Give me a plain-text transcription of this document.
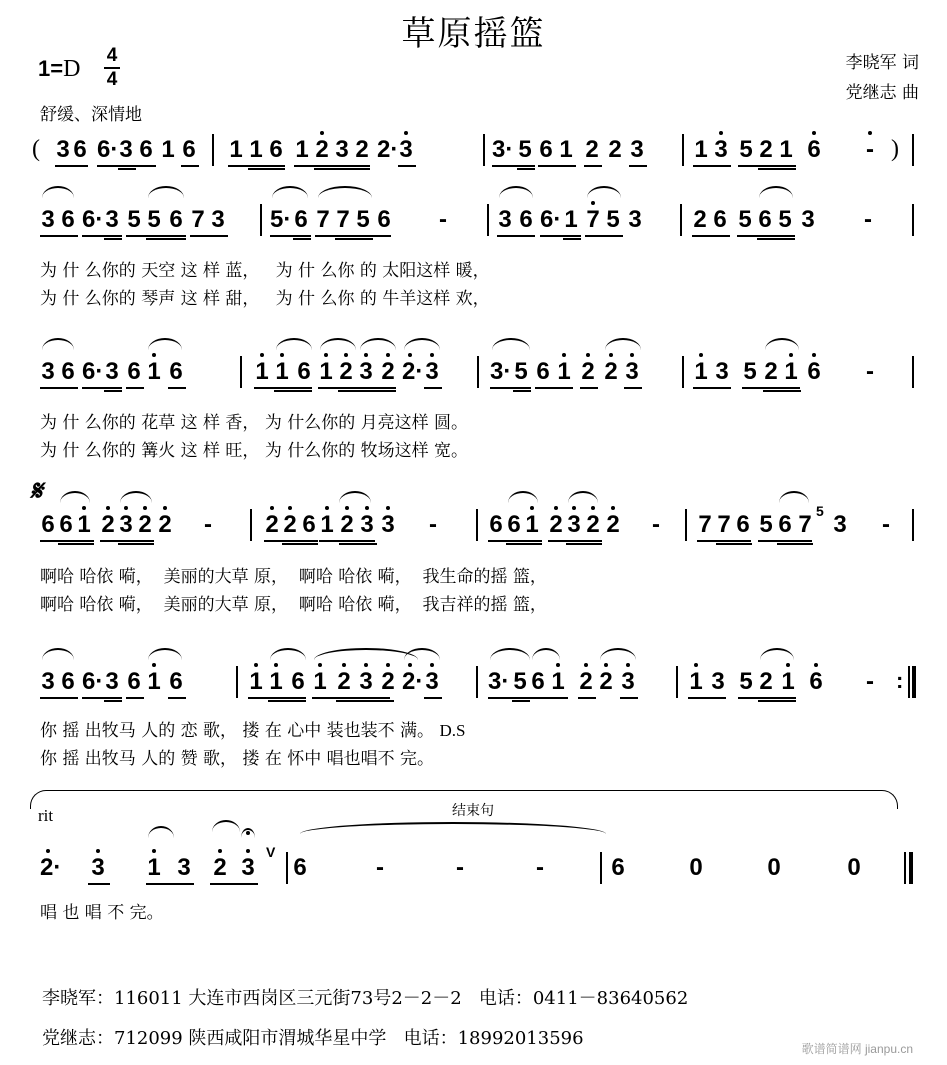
草原摇篮
李晓军 词
党继志 曲
1=D
4
4
舒缓、深情地
( 3 6 6· 3 6 1 6 1 1 6 1 2 3 2 2· 3	3· 5 6 1 2 2 3 1 3 5 2 1 6 - )
3 6 6· 3 5 5 6 7 3 5· 6 7 7 5 6 - 3 6 6· 1 7 5 3 2 6 5 6 5 3 -
为 什 么你的 天空 这 样 蓝，   为 什 么你 的 太阳这样 暖，
为 什 么你的 琴声 这 样 甜，   为 什 么你 的 牛羊这样 欢，
3 6 6· 3 6 1 6	1 1 6 1 2 3 2 2· 3 3· 5 6 1 2 2 3 1 3 5 2 1 6 -
为 什 么你的 花草 这 样 香， 为 什么你的 月亮这样 圆。
为 什 么你的 篝火 这 样 旺， 为 什么你的 牧场这样 宽。
𝄋
6 6 1 2 3 2 2 - 2 2 6 1 2 3 3 - 6 6 1 2 3 2 2 - 7 7 6 5 6 7 3 -
5
啊哈 哈依 嗬，  美丽的大草 原，  啊哈 哈依 嗬，  我生命的摇 篮，
啊哈 哈依 嗬，  美丽的大草 原，  啊哈 哈依 嗬，  我吉祥的摇 篮，
3 6 6· 3 6 1 6	1 1 6 1 2 3 2 2· 3 3· 5 6 1 2 2 3 1 3 5 2 1 6 - :
你 摇 出牧马 人的 恋 歌， 搂 在 心中 装也装不 满。 D.S
你 摇 出牧马 人的 赞 歌， 搂 在 怀中 唱也唱不 完。
结束句
rit
2· 3 1 3 2 3
V
6	-	-	-	6	0	0	0
唱 也 唱 不 完。
李晓军：116011 大连市西岗区三元街73号2－2－2   电话：0411－83640562
党继志：712099 陕西咸阳市渭城华星中学   电话：18992013596	歌谱简谱网 jianpu.cn
